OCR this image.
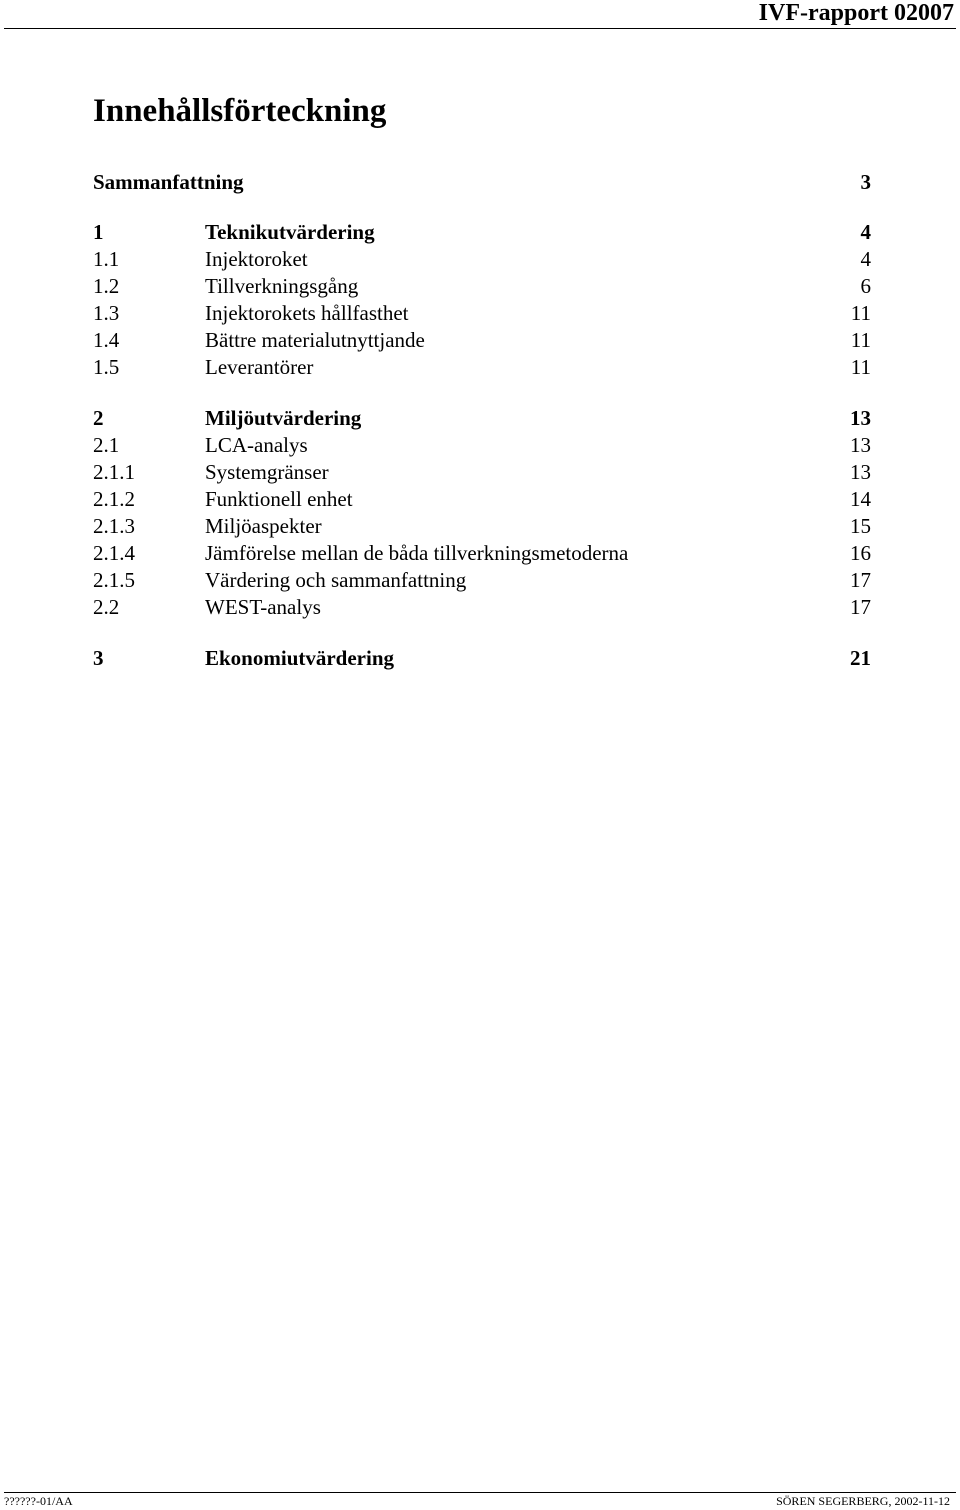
IVF-rapport 02007
Innehållsförteckning
Sammanfattning	3
1	Teknikutvärdering	4
1.1	Injektoroket	4
1.2	Tillverkningsgång	6
1.3	Injektorokets hållfasthet	11
1.4	Bättre materialutnyttjande	11
1.5	Leverantörer	11
2	Miljöutvärdering	13
2.1	LCA-analys	13
2.1.1	Systemgränser	13
2.1.2	Funktionell enhet	14
2.1.3	Miljöaspekter	15
2.1.4	Jämförelse mellan de båda tillverkningsmetoderna	16
2.1.5	Värdering och sammanfattning	17
2.2	WEST-analys	17
3	Ekonomiutvärdering	21
??????-01/AA	SÖREN SEGERBERG, 2002-11-12
